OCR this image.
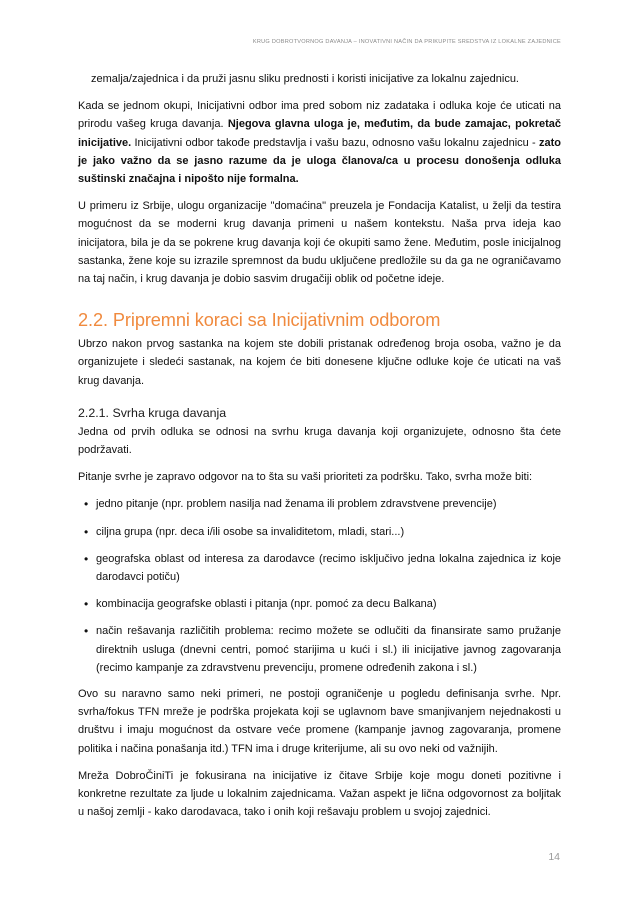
KRUG DOBROTVORNOG DAVANJA – INOVATIVNI NAČIN DA PRIKUPITE SREDSTVA IZ LOKALNE ZAJEDNICE

zemalja/zajednica i da pruži jasnu sliku prednosti i koristi inicijative za lokalnu zajednicu.

Kada se jednom okupi, Inicijativni odbor ima pred sobom niz zadataka i odluka koje će uticati na prirodu vašeg kruga davanja. Njegova glavna uloga je, međutim, da bude zamajac, pokretač inicijative. Inicijativni odbor takođe predstavlja i vašu bazu, odnosno vašu lokalnu zajednicu - zato je jako važno da se jasno razume da je uloga članova/ca u procesu donošenja odluka suštinski značajna i nipošto nije formalna.

U primeru iz Srbije, ulogu organizacije "domaćina" preuzela je Fondacija Katalist, u želji da testira mogućnost da se moderni krug davanja primeni u našem kontekstu. Naša prva ideja kao inicijatora, bila je da se pokrene krug davanja koji će okupiti samo žene. Međutim, posle inicijalnog sastanka, žene koje su izrazile spremnost da budu uključene predložile su da ga ne ograničavamo na taj način, i krug davanja je dobio sasvim drugačiji oblik od početne ideje.

2.2. Pripremni koraci sa Inicijativnim odborom

Ubrzo nakon prvog sastanka na kojem ste dobili pristanak određenog broja osoba, važno je da organizujete i sledeći sastanak, na kojem će biti donesene ključne odluke koje će uticati na vaš krug davanja.

2.2.1. Svrha kruga davanja

Jedna od prvih odluka se odnosi na svrhu kruga davanja koji organizujete, odnosno šta ćete podržavati.

Pitanje svrhe je zapravo odgovor na to šta su vaši prioriteti za podršku. Tako, svrha može biti:

• jedno pitanje (npr. problem nasilja nad ženama ili problem zdravstvene prevencije)
• ciljna grupa (npr. deca i/ili osobe sa invaliditetom, mladi, stari...)
• geografska oblast od interesa za darodavce (recimo isključivo jedna lokalna zajednica iz koje darodavci potiču)
• kombinacija geografske oblasti i pitanja (npr. pomoć za decu Balkana)
• način rešavanja različitih problema: recimo možete se odlučiti da finansirate samo pružanje direktnih usluga (dnevni centri, pomoć starijima u kući i sl.) ili inicijative javnog zagovaranja (recimo kampanje za zdravstvenu prevenciju, promene određenih zakona i sl.)

Ovo su naravno samo neki primeri, ne postoji ograničenje u pogledu definisanja svrhe. Npr. svrha/fokus TFN mreže je podrška projekata koji se uglavnom bave smanjivanjem nejednakosti u društvu i imaju mogućnost da ostvare veće promene (kampanje javnog zagovaranja, promene politika i načina ponašanja itd.) TFN ima i druge kriterijume, ali su ovo neki od važnijih.

Mreža DobroČiniTi je fokusirana na inicijative iz čitave Srbije koje mogu doneti pozitivne i konkretne rezultate za ljude u lokalnim zajednicama. Važan aspekt je lična odgovornost za boljitak u našoj zemlji - kako darodavaca, tako i onih koji rešavaju problem u svojoj zajednici.

14
